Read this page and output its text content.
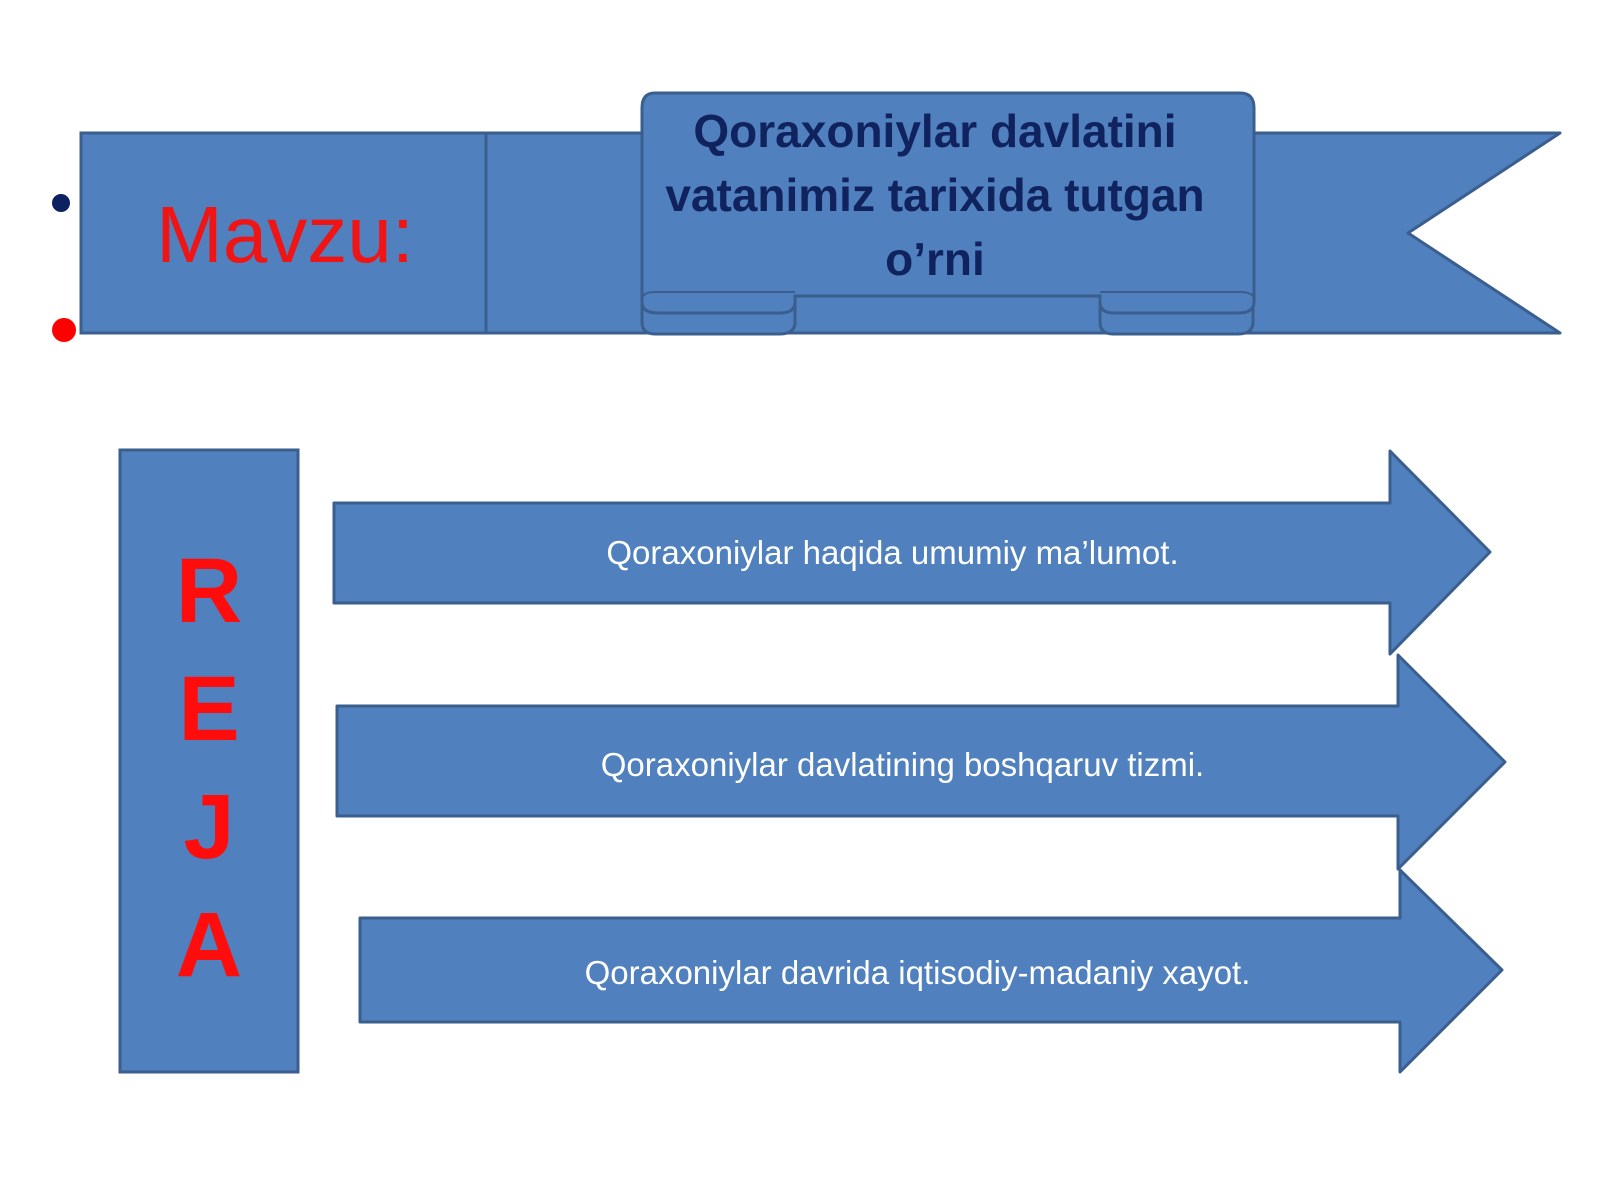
Mavzu:
Qoraxoniylar davlatini vatanimiz tarixida tutgan o’rni
R
E
J
A
Qoraxoniylar haqida umumiy ma’lumot.
Qoraxoniylar davlatining boshqaruv tizmi.
Qoraxoniylar davrida iqtisodiy-madaniy xayot.
